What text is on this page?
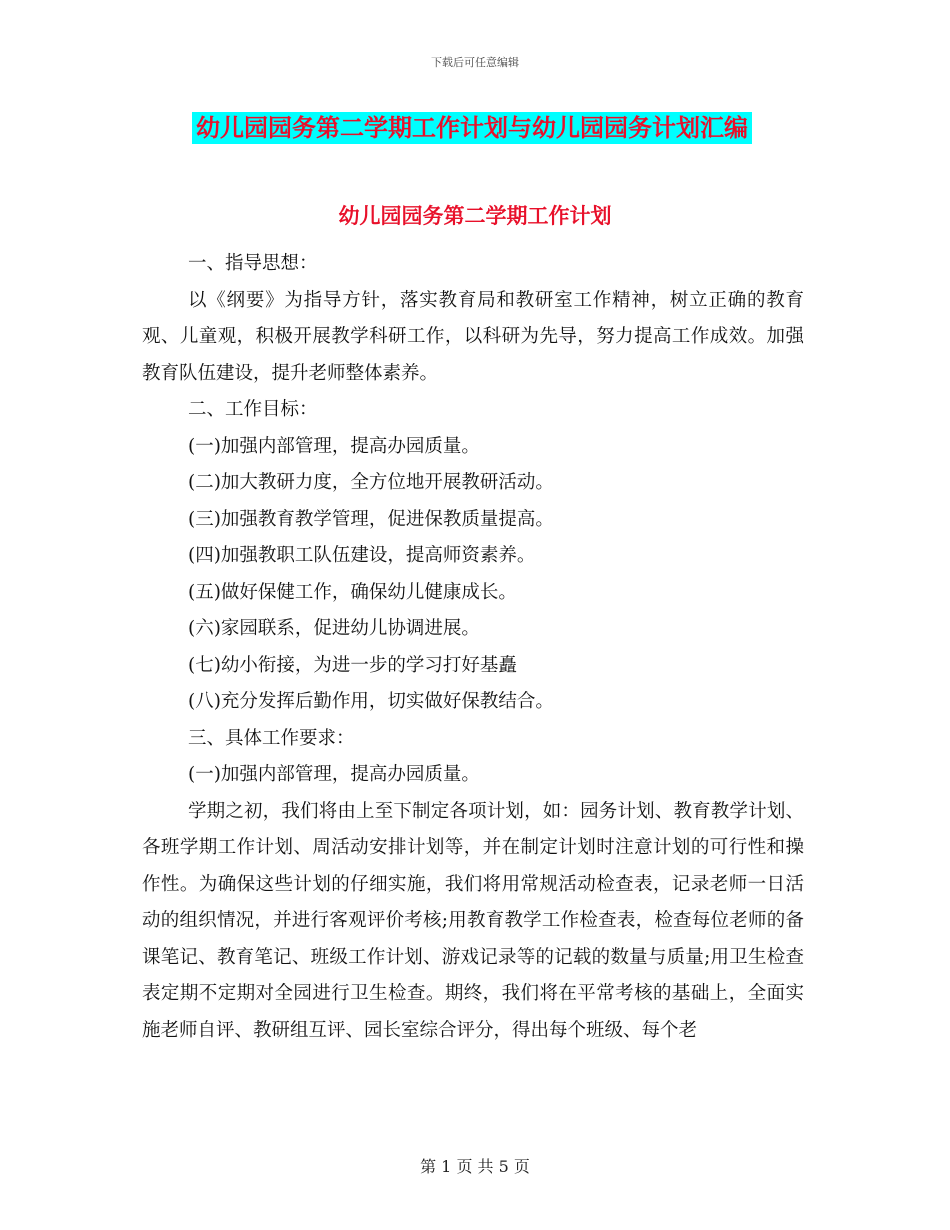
下载后可任意编辑
幼儿园园务第二学期工作计划与幼儿园园务计划汇编
幼儿园园务第二学期工作计划

一、指导思想：

以《纲要》为指导方针，落实教育局和教研室工作精神，树立正确的教育观、儿童观，积极开展教学科研工作，以科研为先导，努力提高工作成效。加强教育队伍建设，提升老师整体素养。

二、工作目标：

(一)加强内部管理，提高办园质量。

(二)加大教研力度，全方位地开展教研活动。

(三)加强教育教学管理，促进保教质量提高。

(四)加强教职工队伍建设，提高师资素养。

(五)做好保健工作，确保幼儿健康成长。

(六)家园联系，促进幼儿协调进展。

(七)幼小衔接，为进一步的学习打好基矗

(八)充分发挥后勤作用，切实做好保教结合。

三、具体工作要求：

(一)加强内部管理，提高办园质量。

学期之初，我们将由上至下制定各项计划，如：园务计划、教育教学计划、各班学期工作计划、周活动安排计划等，并在制定计划时注意计划的可行性和操作性。为确保这些计划的仔细实施，我们将用常规活动检查表，记录老师一日活动的组织情况，并进行客观评价考核;用教育教学工作检查表，检查每位老师的备课笔记、教育笔记、班级工作计划、游戏记录等的记载的数量与质量;用卫生检查表定期不定期对全园进行卫生检查。期终，我们将在平常考核的基础上，全面实施老师自评、教研组互评、园长室综合评分，得出每个班级、每个老

第 1 页 共 5 页
